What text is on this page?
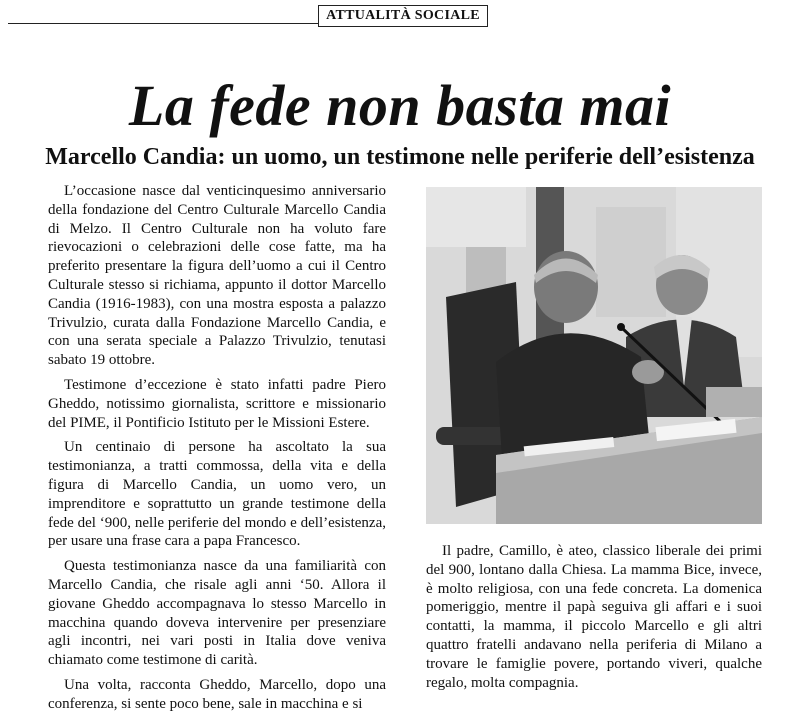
ATTUALITÀ SOCIALE
La fede non basta mai
Marcello Candia: un uomo, un testimone nelle periferie dell’esistenza

L’occasione nasce dal venticinquesimo anniversario della fondazione del Centro Culturale Marcello Candia di Melzo. Il Centro Culturale non ha voluto fare rievocazioni o celebrazioni delle cose fatte, ma ha preferito presentare la figura dell’uomo a cui il Centro Culturale stesso si richiama, appunto il dottor Marcello Candia (1916-1983), con una mostra esposta a palazzo Trivulzio, curata dalla Fondazione Marcello Candia, e con una serata speciale a Palazzo Trivulzio, tenutasi sabato 19 ottobre.

Testimone d’eccezione è stato infatti padre Piero Gheddo, notissimo giornalista, scrittore e missionario del PIME, il Pontificio Istituto per le Missioni Estere.

Un centinaio di persone ha ascoltato la sua testimonianza, a tratti commossa, della vita e della figura di Marcello Candia, un uomo vero, un imprenditore e soprattutto un grande testimone della fede del ‘900, nelle periferie del mondo e dell’esistenza, per usare una frase cara a papa Francesco.

Questa testimonianza nasce da una familiarità con Marcello Candia, che risale agli anni ‘50. Allora il giovane Gheddo accompagnava lo stesso Marcello in macchina quando doveva intervenire per presenziare agli incontri, nei vari posti in Italia dove veniva chiamato come testimone di carità.

Una volta, racconta Gheddo, Marcello, dopo una conferenza, si sente poco bene, sale in macchina e si

Il padre, Camillo, è ateo, classico liberale dei primi del 900, lontano dalla Chiesa. La mamma Bice, invece, è molto religiosa, con una fede concreta. La domenica pomeriggio, mentre il papà seguiva gli affari e i suoi contatti, la mamma, il piccolo Marcello e gli altri quattro fratelli andavano nella periferia di Milano a trovare le famiglie povere, portando viveri, qualche regalo, molta compagnia.
